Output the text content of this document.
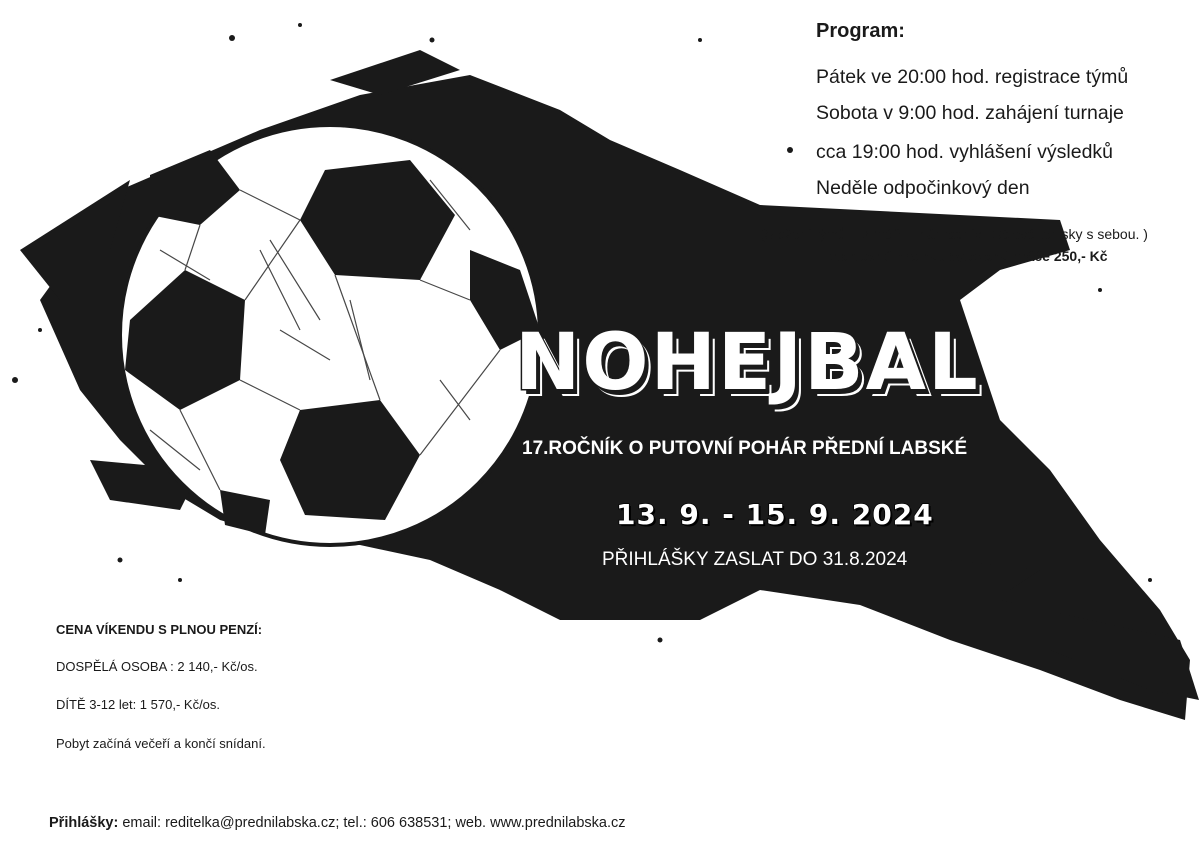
Program:
Pátek ve 20:00 hod. registrace týmů
Sobota v 9:00 hod. zahájení turnaje
cca 19:00 hod. vyhlášení výsledků
Neděle odpočinkový den
(Složení týmů – 3 hráči + náhradníci. Sálové tenisky s sebou. )
startovné pro neubytované hráče 250,- Kč
NOHEJBAL
17.ROČNÍK O PUTOVNÍ POHÁR PŘEDNÍ LABSKÉ
13. 9. - 15. 9. 2024
PŘIHLÁŠKY ZASLAT DO 31.8.2024
CENA VÍKENDU S PLNOU PENZÍ:
DOSPĚLÁ OSOBA : 2 140,- Kč/os.
DÍTĚ 3-12 let: 1 570,- Kč/os.
Pobyt začíná večeří a končí snídaní.
Přihlášky: email: reditelka@prednilabska.cz; tel.: 606 638531; web. www.prednilabska.cz
